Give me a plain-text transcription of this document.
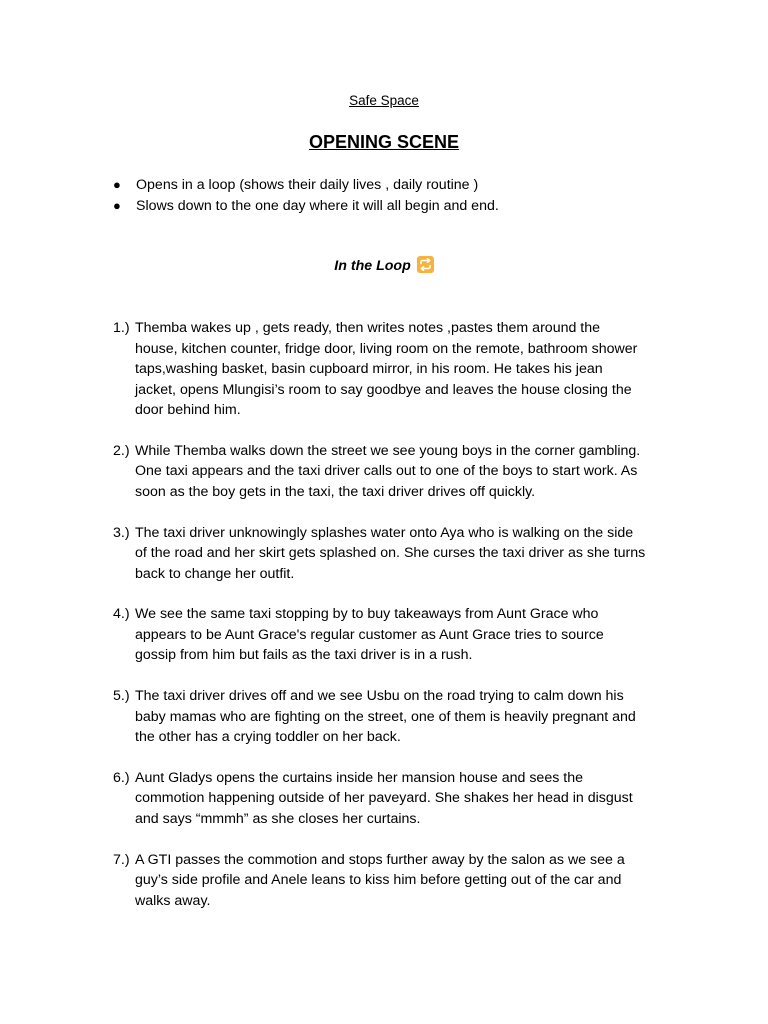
Safe Space
OPENING SCENE
● Opens in a loop (shows their daily lives , daily routine )
● Slows down to the one day where it will all begin and end.
In the Loop
1.) Themba wakes up , gets ready, then writes notes ,pastes them around the
house, kitchen counter, fridge door, living room on the remote, bathroom shower
taps,washing basket, basin cupboard mirror, in his room. He takes his jean
jacket, opens Mlungisi’s room to say goodbye and leaves the house closing the
door behind him.
2.) While Themba walks down the street we see young boys in the corner gambling.
One taxi appears and the taxi driver calls out to one of the boys to start work. As
soon as the boy gets in the taxi, the taxi driver drives off quickly.
3.) The taxi driver unknowingly splashes water onto Aya who is walking on the side
of the road and her skirt gets splashed on. She curses the taxi driver as she turns
back to change her outfit.
4.) We see the same taxi stopping by to buy takeaways from Aunt Grace who
appears to be Aunt Grace's regular customer as Aunt Grace tries to source
gossip from him but fails as the taxi driver is in a rush.
5.) The taxi driver drives off and we see Usbu on the road trying to calm down his
baby mamas who are fighting on the street, one of them is heavily pregnant and
the other has a crying toddler on her back.
6.) Aunt Gladys opens the curtains inside her mansion house and sees the
commotion happening outside of her paveyard. She shakes her head in disgust
and says “mmmh” as she closes her curtains.
7.) A GTI passes the commotion and stops further away by the salon as we see a
guy’s side profile and Anele leans to kiss him before getting out of the car and
walks away.
